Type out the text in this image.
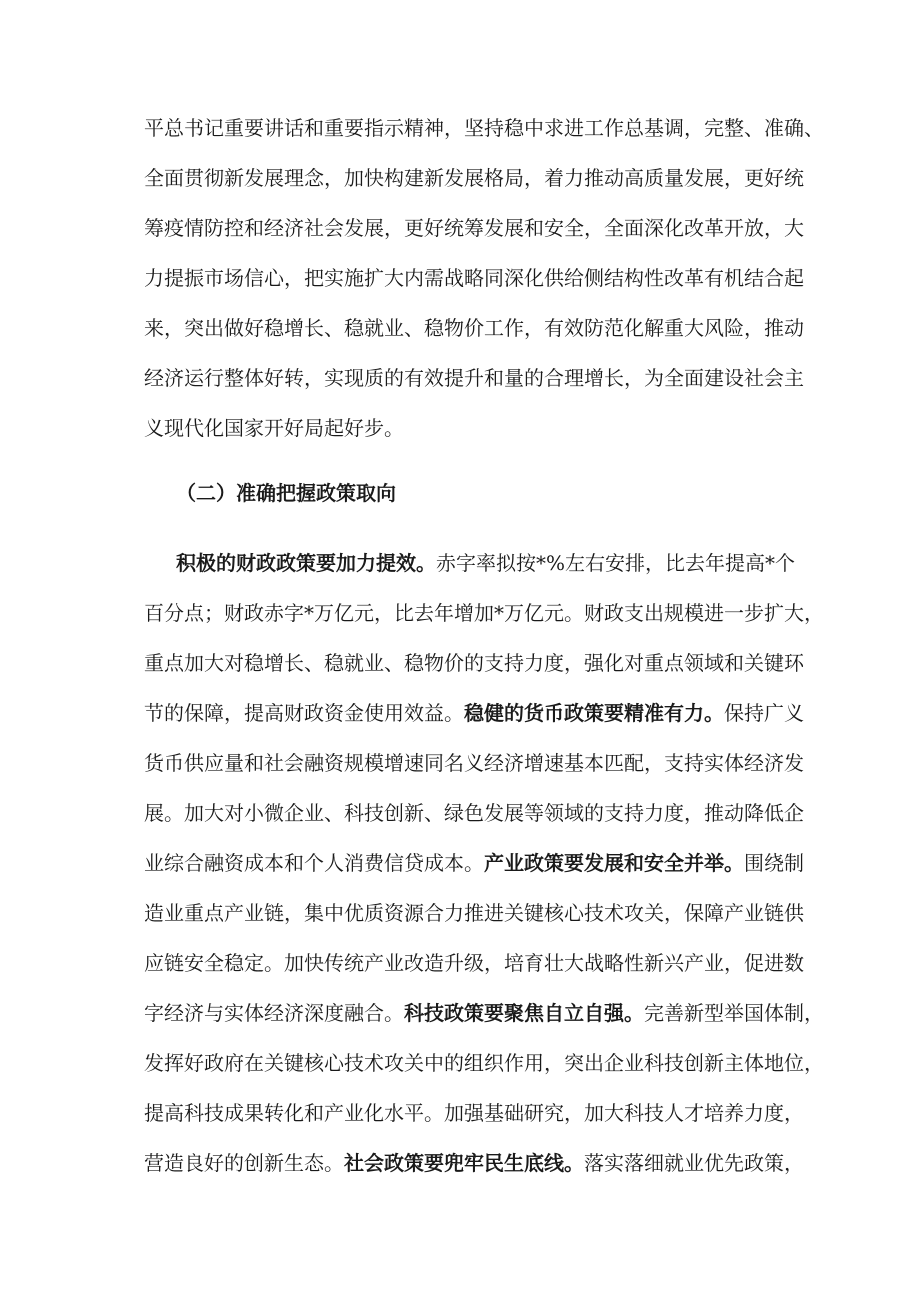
平总书记重要讲话和重要指示精神，坚持稳中求进工作总基调，完整、准确、
全面贯彻新发展理念，加快构建新发展格局，着力推动高质量发展，更好统
筹疫情防控和经济社会发展，更好统筹发展和安全，全面深化改革开放，大
力提振市场信心，把实施扩大内需战略同深化供给侧结构性改革有机结合起
来，突出做好稳增长、稳就业、稳物价工作，有效防范化解重大风险，推动
经济运行整体好转，实现质的有效提升和量的合理增长，为全面建设社会主
义现代化国家开好局起好步。
（二）准确把握政策取向
积极的财政政策要加力提效。赤字率拟按*%左右安排，比去年提高*个
百分点；财政赤字*万亿元，比去年增加*万亿元。财政支出规模进一步扩大，
重点加大对稳增长、稳就业、稳物价的支持力度，强化对重点领域和关键环
节的保障，提高财政资金使用效益。稳健的货币政策要精准有力。保持广义
货币供应量和社会融资规模增速同名义经济增速基本匹配，支持实体经济发
展。加大对小微企业、科技创新、绿色发展等领域的支持力度，推动降低企
业综合融资成本和个人消费信贷成本。产业政策要发展和安全并举。围绕制
造业重点产业链，集中优质资源合力推进关键核心技术攻关，保障产业链供
应链安全稳定。加快传统产业改造升级，培育壮大战略性新兴产业，促进数
字经济与实体经济深度融合。科技政策要聚焦自立自强。完善新型举国体制，
发挥好政府在关键核心技术攻关中的组织作用，突出企业科技创新主体地位，
提高科技成果转化和产业化水平。加强基础研究，加大科技人才培养力度，
营造良好的创新生态。社会政策要兜牢民生底线。落实落细就业优先政策，
